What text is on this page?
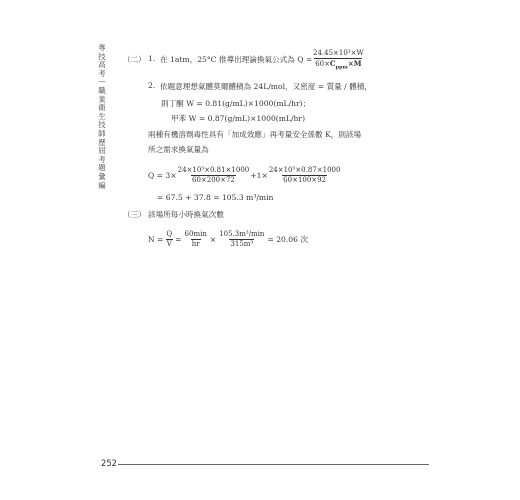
專技高考—職業衛生技師歷屆考題彙編
（二） 1. 在 1atm，25°C 推導出理論換氣公式為 $Q = \frac{\text{24.45×10³×W}}{60\times C_{ppm}\times M}$
2. 依題意理想氣體莫爾體積為 24L/mol，又密度 = 質量 / 體積，
則丁酮 W = 0.81(g/mL)×1000(mL/hr)；
甲苯 W = 0.87(g/mL)×1000(mL/hr)
兩種有機溶劑毒性具有「加成效應」再考量安全係數 K，則該場
所之需求換氣量為
$Q = 3\times \frac{\text{24×10³×0.81×1000}}{60\times 200\times 72} +1\times \frac{\text{24×10³×0.87×1000}}{60\times 100\times 92}$
= 67.5 + 37.8 = 105.3 m³/min
（三） 該場所每小時換氣次數
$N = \frac{Q}{V} = \frac{60\min}{hr} \times \frac{\text{105.3m³/min}}{\text{315m³}} = 20.06$ 次
252
